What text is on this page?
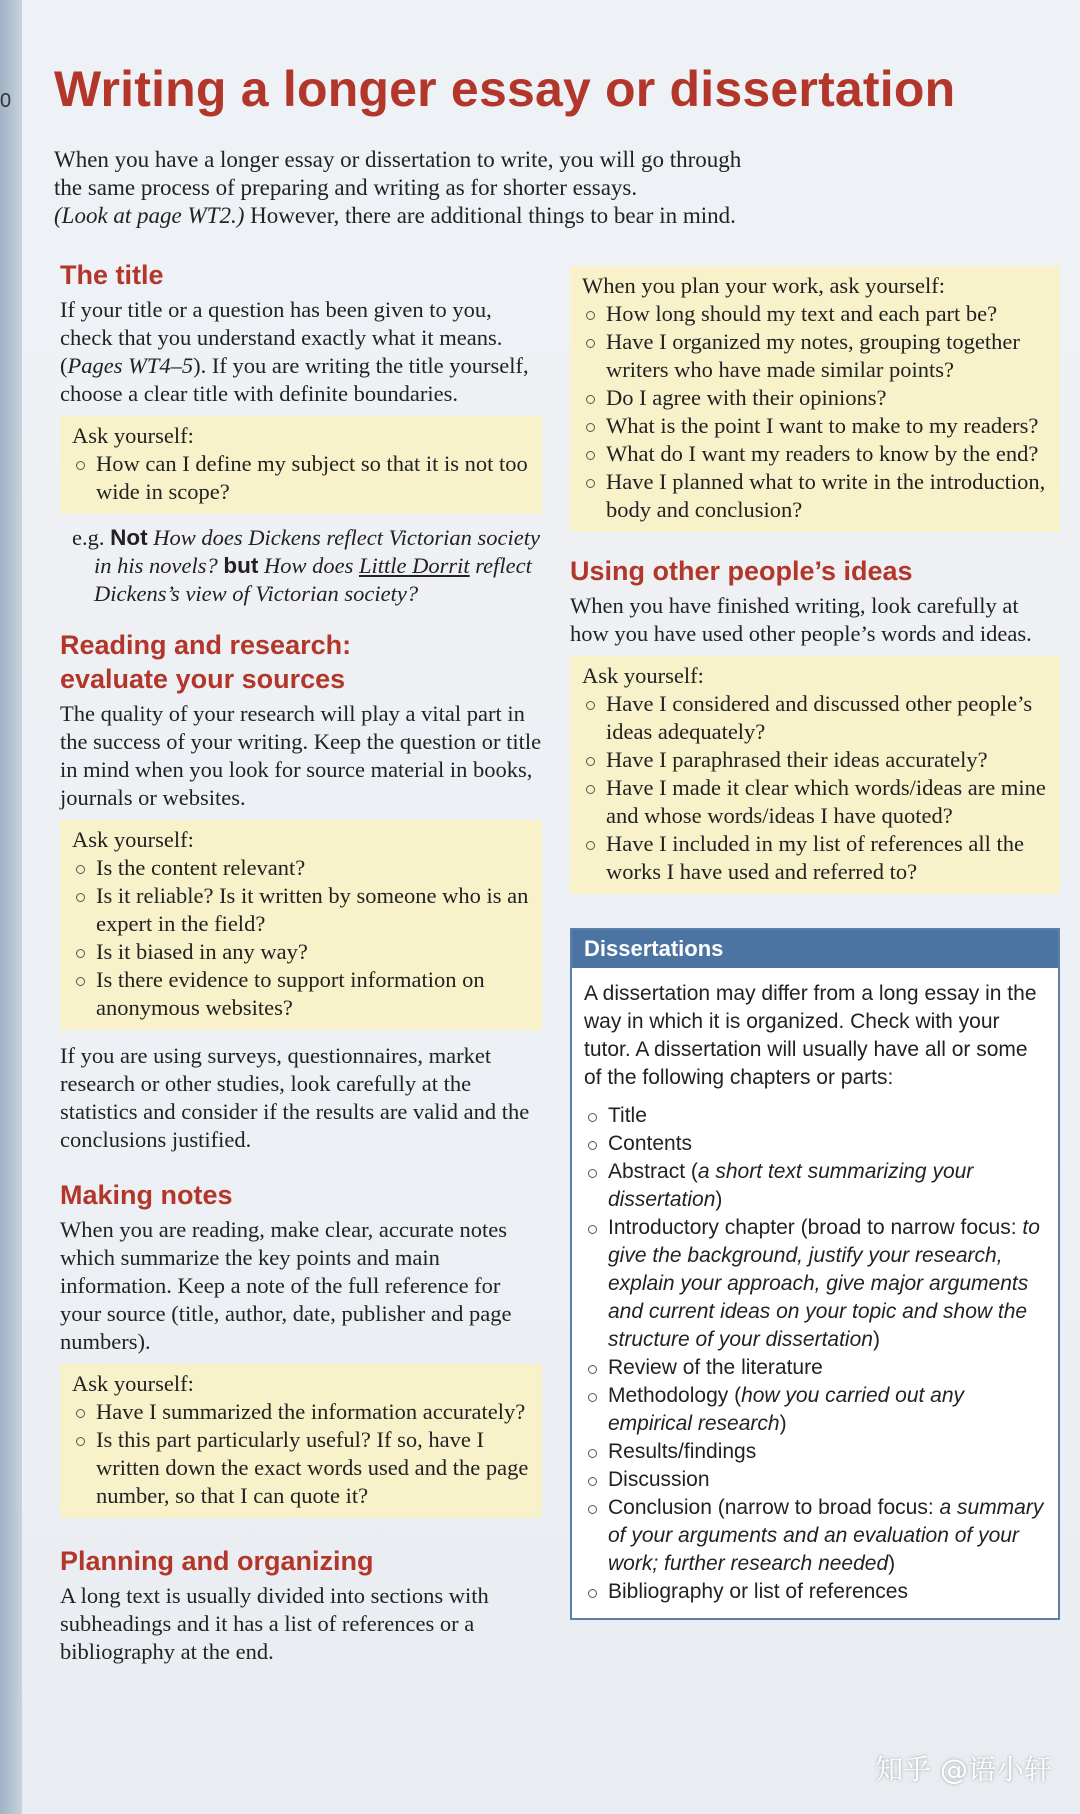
0 Writing a longer essay or dissertation

When you have a longer essay or dissertation to write, you will go through
the same process of preparing and writing as for shorter essays.
(Look at page WT2.) However, there are additional things to bear in mind.

The title

If your title or a question has been given to you, check that you understand exactly what it means. (Pages WT4–5). If you are writing the title yourself, choose a clear title with definite boundaries.

Ask yourself:
How can I define my subject so that it is not too wide in scope?
e.g. Not How does Dickens reflect Victorian society in his novels? but How does Little Dorrit reflect Dickens’s view of Victorian society?
Reading and research:
evaluate your sources

The quality of your research will play a vital part in the success of your writing. Keep the question or title in mind when you look for source material in books, journals or websites.

Ask yourself:
Is the content relevant?
Is it reliable? Is it written by someone who is an expert in the field?
Is it biased in any way?
Is there evidence to support information on anonymous websites?

If you are using surveys, questionnaires, market research or other studies, look carefully at the statistics and consider if the results are valid and the conclusions justified.

Making notes

When you are reading, make clear, accurate notes which summarize the key points and main information. Keep a note of the full reference for your source (title, author, date, publisher and page numbers).

Ask yourself:
Have I summarized the information accurately?
Is this part particularly useful? If so, have I written down the exact words used and the page number, so that I can quote it?
Planning and organizing

A long text is usually divided into sections with subheadings and it has a list of references or a bibliography at the end.

When you plan your work, ask yourself:
How long should my text and each part be?
Have I organized my notes, grouping together writers who have made similar points?
Do I agree with their opinions?
What is the point I want to make to my readers?
What do I want my readers to know by the end?
Have I planned what to write in the introduction, body and conclusion?
Using other people’s ideas

When you have finished writing, look carefully at how you have used other people’s words and ideas.

Ask yourself:
Have I considered and discussed other people’s ideas adequately?
Have I paraphrased their ideas accurately?
Have I made it clear which words/ideas are mine and whose words/ideas I have quoted?
Have I included in my list of references all the works I have used and referred to?
Dissertations

A dissertation may differ from a long essay in the way in which it is organized. Check with your tutor. A dissertation will usually have all or some of the following chapters or parts:

Title
Contents
Abstract (a short text summarizing your dissertation)
Introductory chapter (broad to narrow focus: to give the background, justify your research, explain your approach, give major arguments and current ideas on your topic and show the structure of your dissertation)
Review of the literature
Methodology (how you carried out any empirical research)
Results/findings
Discussion
Conclusion (narrow to broad focus: a summary of your arguments and an evaluation of your work; further research needed)
Bibliography or list of references
知乎 @语小轩
